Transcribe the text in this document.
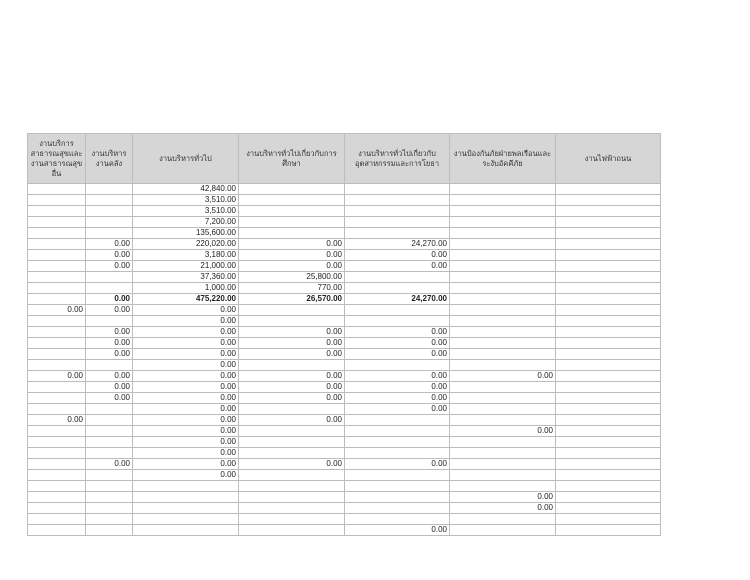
งานบริการสาธารณสุขและงานสาธารณสุขอื่น	งานบริหารงานคลัง	งานบริหารทั่วไป	งานบริหารทั่วไปเกี่ยวกับการศึกษา	งานบริหารทั่วไปเกี่ยวกับอุตสาหกรรมและการโยธา	งานป้องกันภัยฝ่ายพลเรือนและระงับอัคคีภัย	งานไฟฟ้าถนน
		42,840.00				
		3,510.00				
		3,510.00				
		7,200.00				
		135,600.00				
	0.00	220,020.00	0.00	24,270.00		
	0.00	3,180.00	0.00	0.00		
	0.00	21,000.00	0.00	0.00		
		37,360.00	25,800.00			
		1,000.00	770.00			
	0.00	475,220.00	26,570.00	24,270.00		
0.00	0.00	0.00				
		0.00				
	0.00	0.00	0.00	0.00		
	0.00	0.00	0.00	0.00		
	0.00	0.00	0.00	0.00		
		0.00				
0.00	0.00	0.00	0.00	0.00	0.00	
	0.00	0.00	0.00	0.00		
	0.00	0.00	0.00	0.00		
		0.00		0.00		
0.00		0.00	0.00			
		0.00			0.00	
		0.00				
		0.00				
	0.00	0.00	0.00	0.00		
		0.00				

					0.00	
					0.00	

				0.00		
